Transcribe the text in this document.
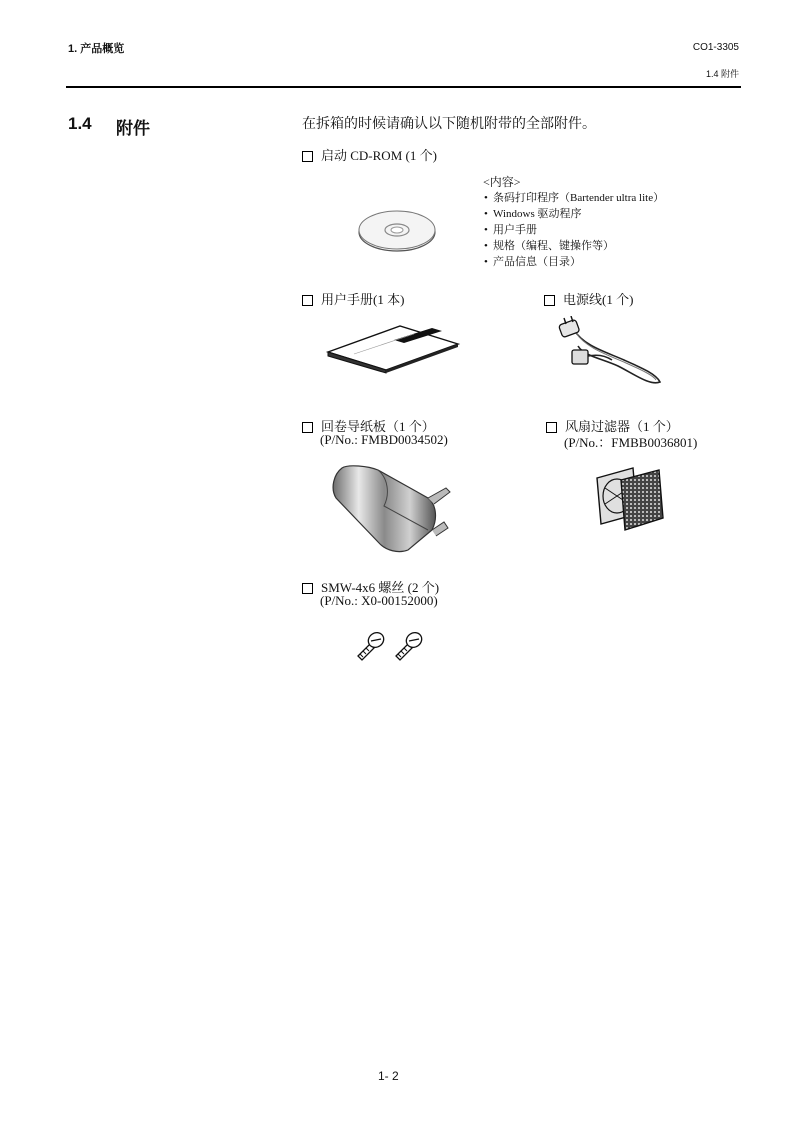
1. 产品概览	CO1-3305
1.4 附件
1.4 附件	在拆箱的时候请确认以下随机附带的全部附件。
启动 CD-ROM (1 个)
<内容>
• 条码打印程序（Bartender ultra lite）
• Windows 驱动程序
• 用户手册
• 规格（编程、键操作等）
• 产品信息（目录）
用户手册(1 本)	电源线(1 个)
回卷导纸板（1 个）
(P/No.: FMBD0034502)
风扇过滤器（1 个）
(P/No.：FMBB0036801)
SMW-4x6 螺丝 (2 个)
(P/No.: X0-00152000)
1- 2
